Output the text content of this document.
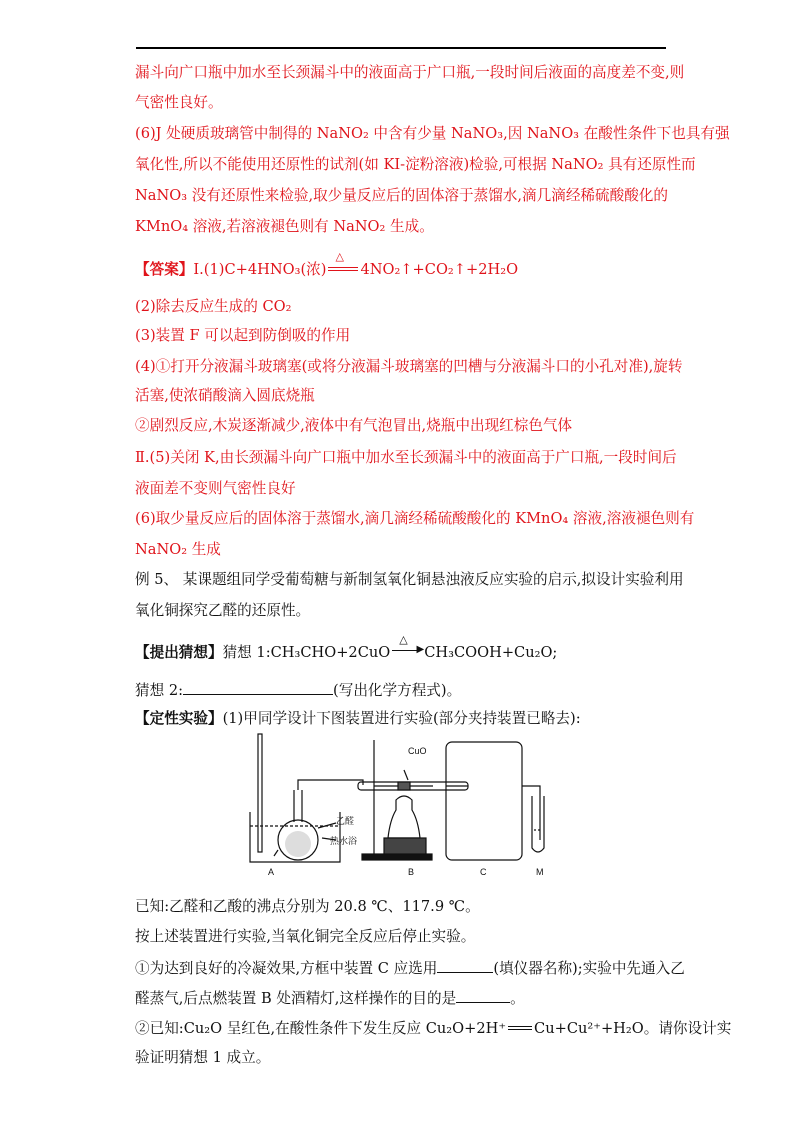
漏斗向广口瓶中加水至长颈漏斗中的液面高于广口瓶,一段时间后液面的高度差不变,则
气密性良好。
(6)J 处硬质玻璃管中制得的 NaNO₂ 中含有少量 NaNO₃,因 NaNO₃ 在酸性条件下也具有强
氧化性,所以不能使用还原性的试剂(如 KI-淀粉溶液)检验,可根据 NaNO₂ 具有还原性而
NaNO₃ 没有还原性来检验,取少量反应后的固体溶于蒸馏水,滴几滴经稀硫酸酸化的
KMnO₄ 溶液,若溶液褪色则有 NaNO₂ 生成。
【答案】Ⅰ.(1)C+4HNO₃(浓)
△
4NO₂↑+CO₂↑+2H₂O
(2)除去反应生成的 CO₂
(3)装置 F 可以起到防倒吸的作用
(4)①打开分液漏斗玻璃塞(或将分液漏斗玻璃塞的凹槽与分液漏斗口的小孔对准),旋转
活塞,使浓硝酸滴入圆底烧瓶
②剧烈反应,木炭逐渐减少,液体中有气泡冒出,烧瓶中出现红棕色气体
Ⅱ.(5)关闭 K,由长颈漏斗向广口瓶中加水至长颈漏斗中的液面高于广口瓶,一段时间后
液面差不变则气密性良好
(6)取少量反应后的固体溶于蒸馏水,滴几滴经稀硫酸酸化的 KMnO₄ 溶液,溶液褪色则有
NaNO₂ 生成
例 5、 某课题组同学受葡萄糖与新制氢氧化铜悬浊液反应实验的启示,拟设计实验利用
氧化铜探究乙醛的还原性。
【提出猜想】猜想 1:CH₃CHO+2CuO
△
▶ CH₃COOH+Cu₂O;
猜想 2:	(写出化学方程式)。
【定性实验】(1)甲同学设计下图装置进行实验(部分夹持装置已略去):
CuO
乙醛
热水浴
A	B	C	M
已知:乙醛和乙酸的沸点分别为 20.8 ℃、117.9 ℃。
按上述装置进行实验,当氧化铜完全反应后停止实验。
①为达到良好的冷凝效果,方框中装置 C 应选用	(填仪器名称);实验中先通入乙
醛蒸气,后点燃装置 B 处酒精灯,这样操作的目的是	。
②已知:Cu₂O 呈红色,在酸性条件下发生反应 Cu₂O+2H⁺ Cu+Cu²⁺+H₂O。请你设计实
验证明猜想 1 成立。
